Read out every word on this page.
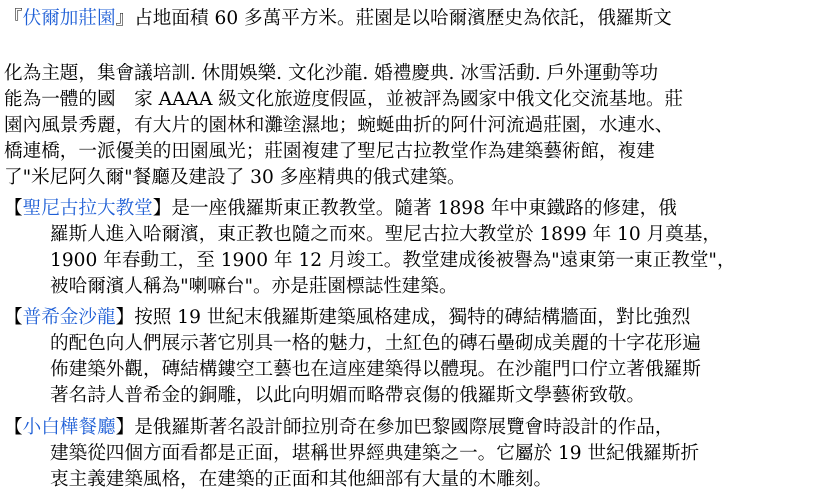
『伏爾加莊園』占地面積 60 多萬平方米。莊園是以哈爾濱歷史為依託，俄羅斯文
化為主題，集會議培訓. 休閒娛樂. 文化沙龍. 婚禮慶典. 冰雪活動. 戶外運動等功
能為一體的國　家 AAAA 級文化旅遊度假區，並被評為國家中俄文化交流基地。莊
園內風景秀麗，有大片的園林和灘塗濕地；蜿蜒曲折的阿什河流過莊園，水連水、
橋連橋，一派優美的田園風光；莊園複建了聖尼古拉教堂作為建築藝術館，複建
了"米尼阿久爾"餐廳及建設了 30 多座精典的俄式建築。
【聖尼古拉大教堂】是一座俄羅斯東正教教堂。隨著 1898 年中東鐵路的修建，俄
羅斯人進入哈爾濱，東正教也隨之而來。聖尼古拉大教堂於 1899 年 10 月奠基，
1900 年春動工，至 1900 年 12 月竣工。教堂建成後被譽為"遠東第一東正教堂"，
被哈爾濱人稱為"喇嘛台"。亦是莊園標誌性建築。
【普希金沙龍】按照 19 世紀末俄羅斯建築風格建成，獨特的磚結構牆面，對比強烈
的配色向人們展示著它別具一格的魅力，土紅色的磚石壘砌成美麗的十字花形遍
佈建築外觀，磚結構鏤空工藝也在這座建築得以體現。在沙龍門口佇立著俄羅斯
著名詩人普希金的銅雕，以此向明媚而略帶哀傷的俄羅斯文學藝術致敬。
【小白樺餐廳】是俄羅斯著名設計師拉別奇在參加巴黎國際展覽會時設計的作品，
建築從四個方面看都是正面，堪稱世界經典建築之一。它屬於 19 世紀俄羅斯折
衷主義建築風格，在建築的正面和其他細部有大量的木雕刻。
